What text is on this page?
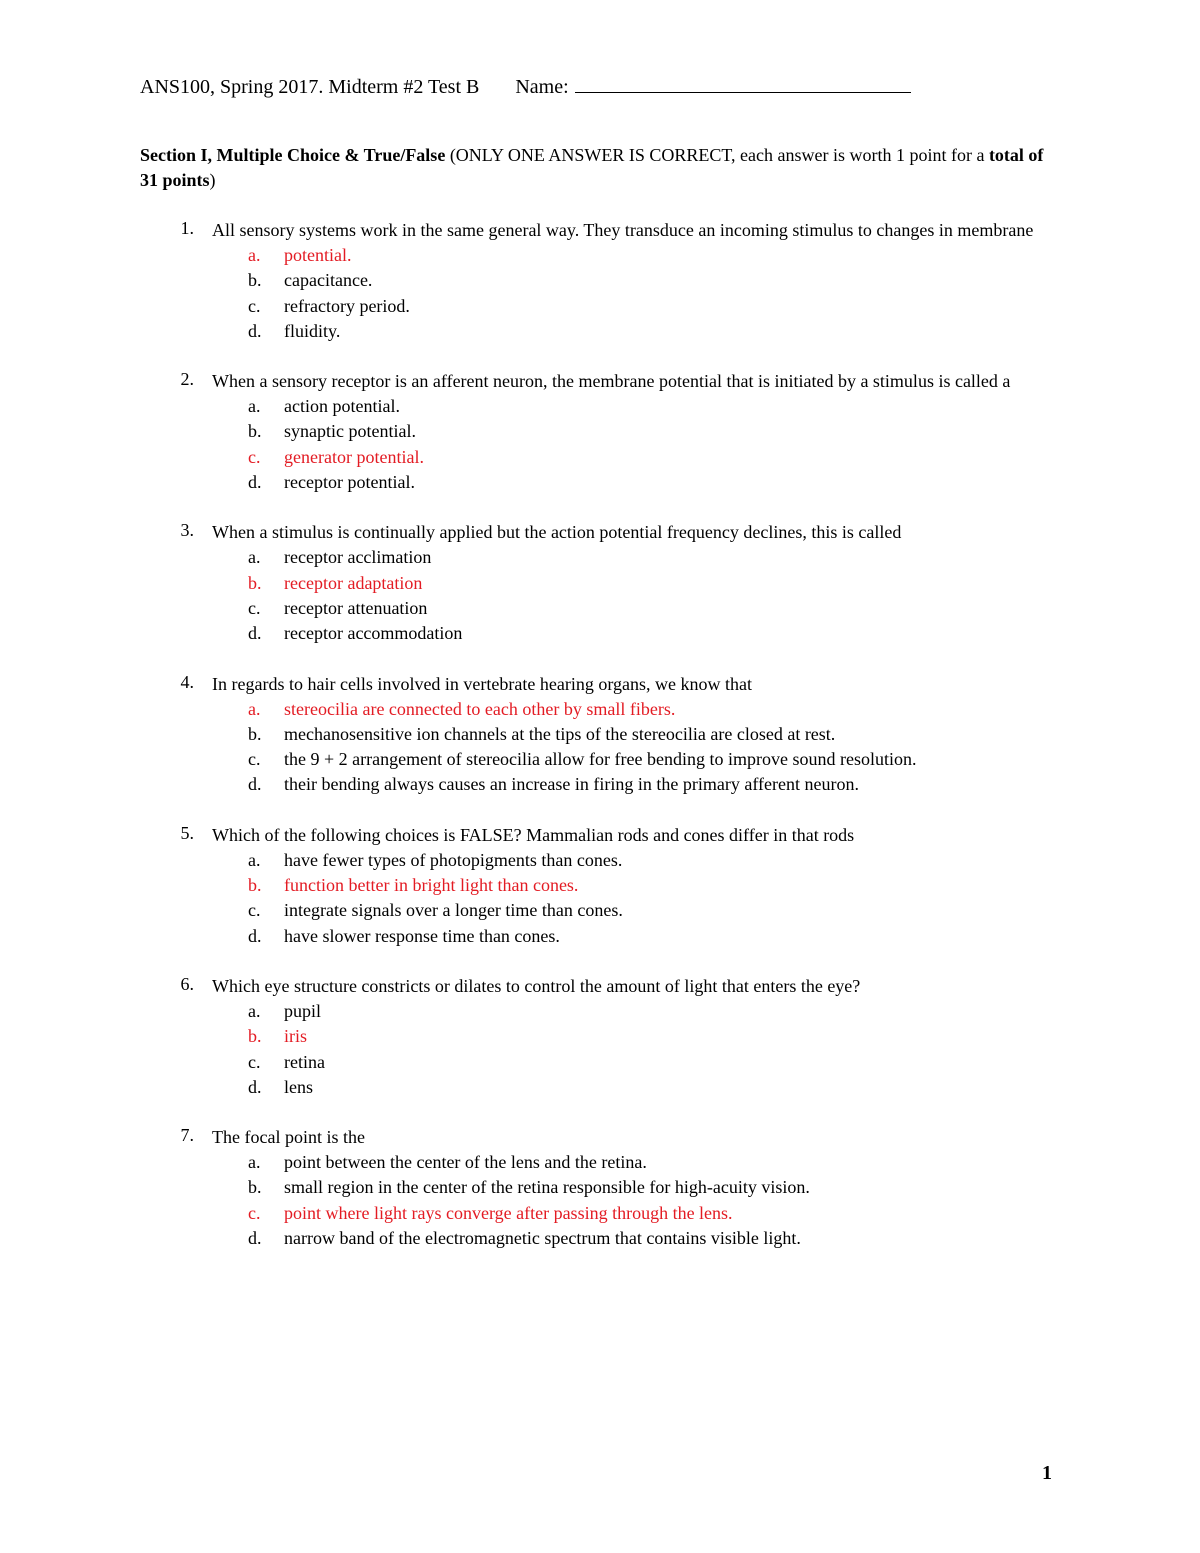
ANS100, Spring 2017. Midterm #2 Test B Name:
Section I, Multiple Choice & True/False (ONLY ONE ANSWER IS CORRECT, each answer is worth 1 point for a total of 31 points)
1. All sensory systems work in the same general way. They transduce an incoming stimulus to changes in membrane
a. potential.
b. capacitance.
c. refractory period.
d. fluidity.
2. When a sensory receptor is an afferent neuron, the membrane potential that is initiated by a stimulus is called a
a. action potential.
b. synaptic potential.
c. generator potential.
d. receptor potential.
3. When a stimulus is continually applied but the action potential frequency declines, this is called
a. receptor acclimation
b. receptor adaptation
c. receptor attenuation
d. receptor accommodation
4. In regards to hair cells involved in vertebrate hearing organs, we know that
a. stereocilia are connected to each other by small fibers.
b. mechanosensitive ion channels at the tips of the stereocilia are closed at rest.
c. the 9 + 2 arrangement of stereocilia allow for free bending to improve sound resolution.
d. their bending always causes an increase in firing in the primary afferent neuron.
5. Which of the following choices is FALSE? Mammalian rods and cones differ in that rods
a. have fewer types of photopigments than cones.
b. function better in bright light than cones.
c. integrate signals over a longer time than cones.
d. have slower response time than cones.
6. Which eye structure constricts or dilates to control the amount of light that enters the eye?
a. pupil
b. iris
c. retina
d. lens
7. The focal point is the
a. point between the center of the lens and the retina.
b. small region in the center of the retina responsible for high-acuity vision.
c. point where light rays converge after passing through the lens.
d. narrow band of the electromagnetic spectrum that contains visible light.
1
